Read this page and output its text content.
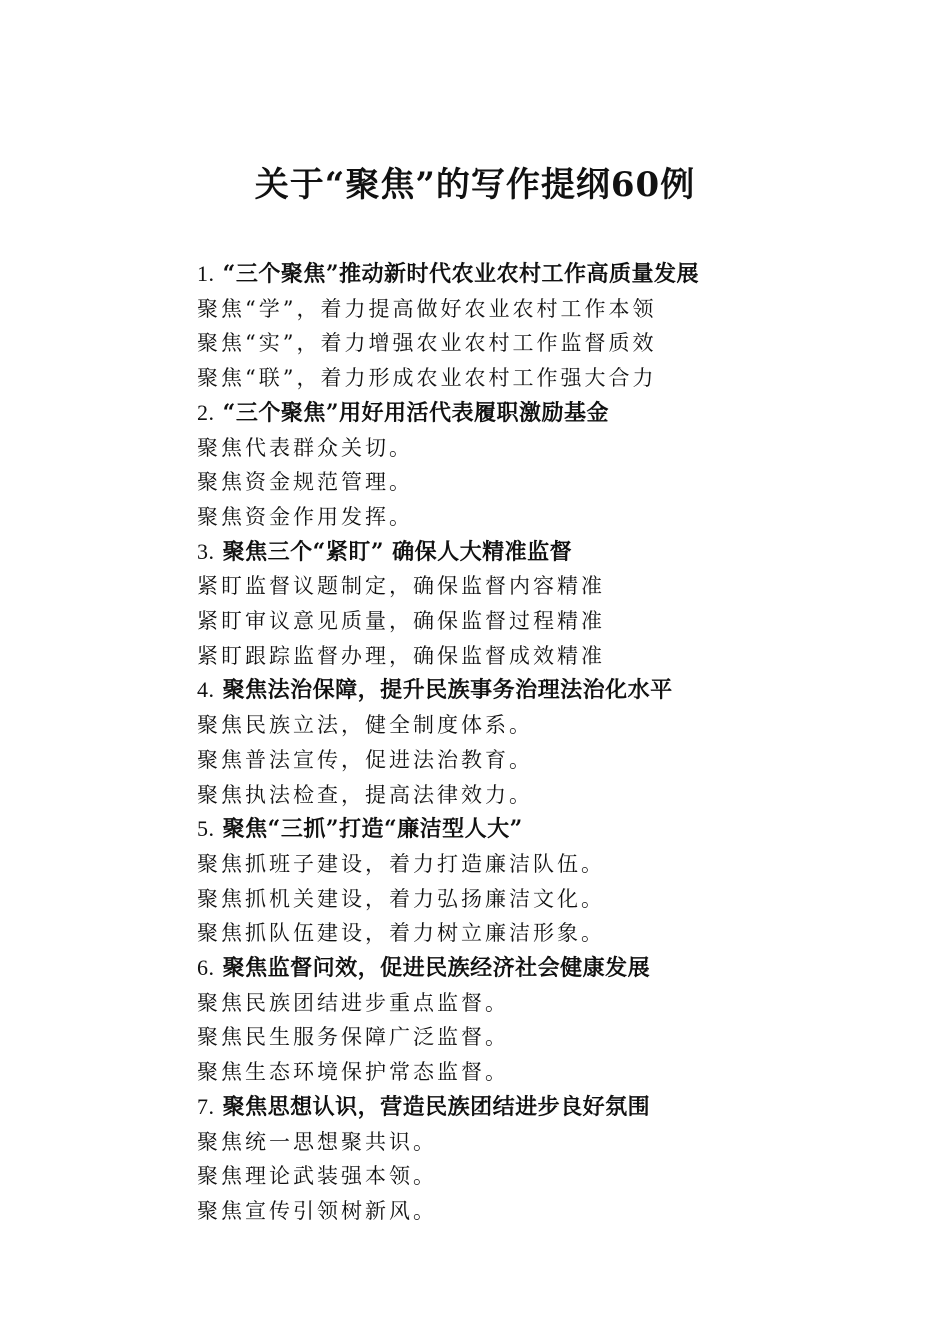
关于“聚焦”的写作提纲60例

1. “三个聚焦”推动新时代农业农村工作高质量发展

聚焦“学”，着力提高做好农业农村工作本领

聚焦“实”，着力增强农业农村工作监督质效

聚焦“联”，着力形成农业农村工作强大合力

2. “三个聚焦”用好用活代表履职激励基金

聚焦代表群众关切。

聚焦资金规范管理。

聚焦资金作用发挥。

3. 聚焦三个“紧盯” 确保人大精准监督

紧盯监督议题制定，确保监督内容精准

紧盯审议意见质量，确保监督过程精准

紧盯跟踪监督办理，确保监督成效精准

4. 聚焦法治保障，提升民族事务治理法治化水平

聚焦民族立法，健全制度体系。

聚焦普法宣传，促进法治教育。

聚焦执法检查，提高法律效力。

5. 聚焦“三抓”打造“廉洁型人大”

聚焦抓班子建设，着力打造廉洁队伍。

聚焦抓机关建设，着力弘扬廉洁文化。

聚焦抓队伍建设，着力树立廉洁形象。

6. 聚焦监督问效，促进民族经济社会健康发展

聚焦民族团结进步重点监督。

聚焦民生服务保障广泛监督。

聚焦生态环境保护常态监督。

7. 聚焦思想认识，营造民族团结进步良好氛围

聚焦统一思想聚共识。

聚焦理论武装强本领。

聚焦宣传引领树新风。
